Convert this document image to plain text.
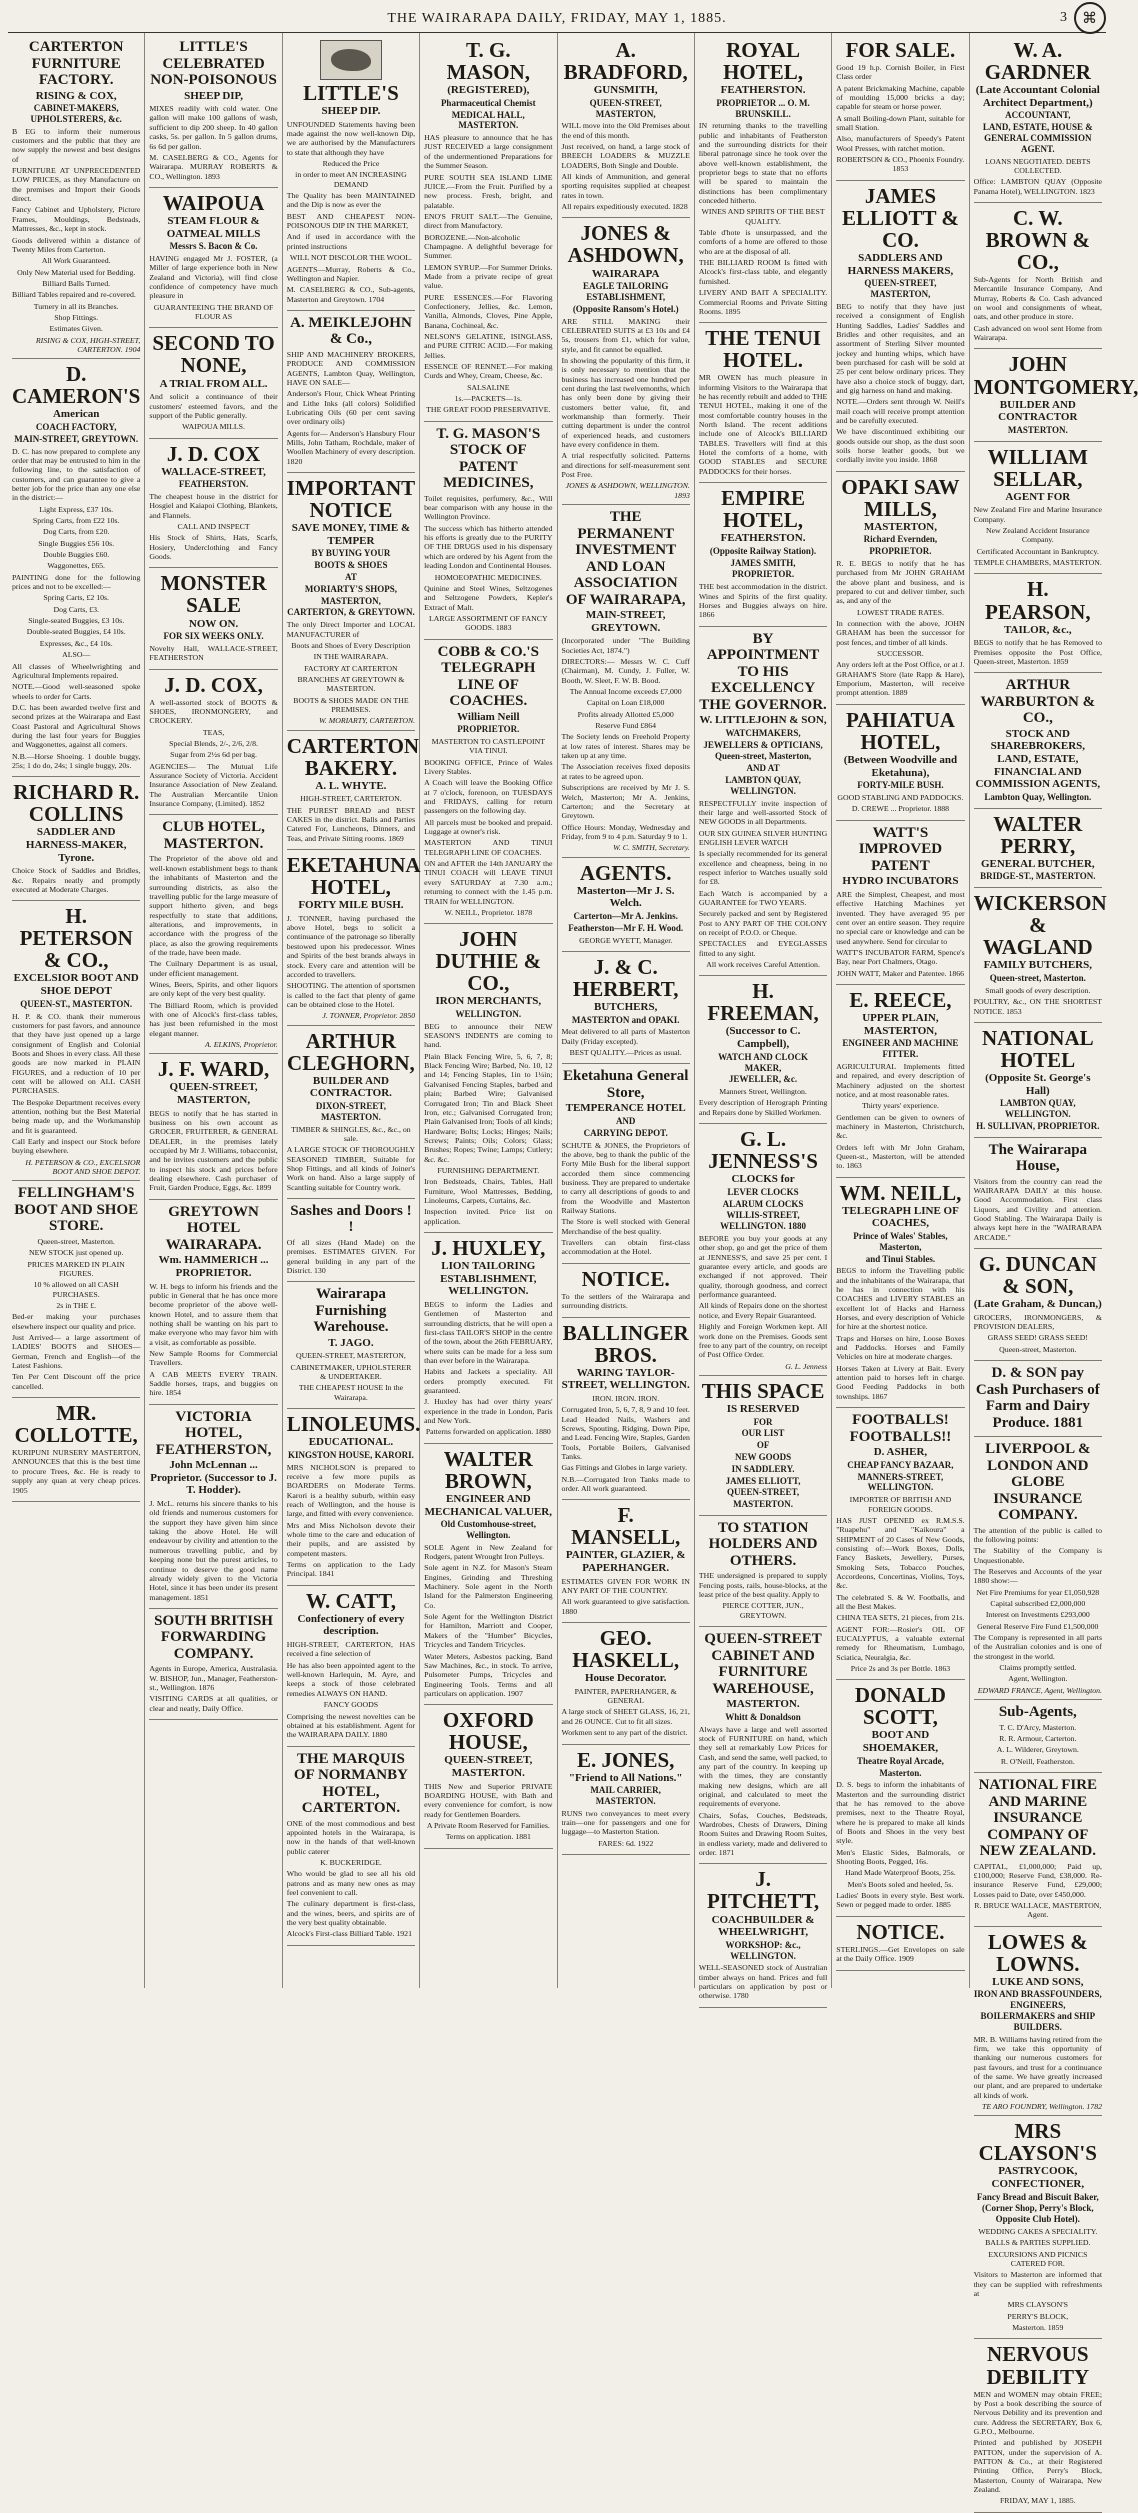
THE WAIRARAPA DAILY, FRIDAY, MAY 1, 1885.	3 ⌘
CARTERTON FURNITURE FACTORY.
RISING & COX,
CABINET-MAKERS, UPHOLSTERERS, &c.
B EG to inform their numerous customers and the public that they are now supply the newest and best designs of
FURNITURE AT UNPRECEDENTED LOW PRICES, as they Manufacture on the premises and Import their Goods direct.
Fancy Cabinet and Upholstery, Picture Frames, Mouldings, Bedsteads, Mattresses, &c., kept in stock.
Goods delivered within a distance of Twenty Miles from Carterton.
All Work Guaranteed.
Only New Material used for Bedding.
Billiard Balls Turned.
Billiard Tables repaired and re-covered.
Turnery in all its Branches.
Shop Fittings.
Estimates Given.
RISING & COX, HIGH-STREET, CARTERTON. 1904
D. CAMERON'S
American
COACH FACTORY,
MAIN-STREET, GREYTOWN.
D. C. has now prepared to complete any order that may be entrusted to him in the following line, to the satisfaction of customers, and can guarantee to give a better job for the price than any one else in the district:—
Light Express, £37 10s.
Spring Carts, from £22 10s.
Dog Carts, from £20.
Single Buggies £56 10s.
Double Buggies £60.
Waggonettes, £65.
PAINTING done for the following prices and not to be excelled:—
Spring Carts, £2 10s.
Dog Carts, £3.
Single-seated Buggies, £3 10s.
Double-seated Buggies, £4 10s.
Expresses, &c., £4 10s.
ALSO—
All classes of Wheelwrighting and Agricultural Implements repaired.
NOTE.—Good well-seasoned spoke wheels to order for Carts.
D.C. has been awarded twelve first and second prizes at the Wairarapa and East Coast Pastoral and Agricultural Shows during the last four years for Buggies and Waggonettes, against all comers.
N.B.—Horse Shoeing. 1 double buggy, 25s; 1 do do, 24s; 1 single buggy, 20s.
RICHARD R. COLLINS
SADDLER AND HARNESS-MAKER, Tyrone.
Choice Stock of Saddles and Bridles, &c. Repairs neatly and promptly executed at Moderate Charges.
H. PETERSON & CO.,
EXCELSIOR BOOT AND SHOE DEPOT
QUEEN-ST., MASTERTON.
H. P. & CO. thank their numerous customers for past favors, and announce that they have just opened up a large consignment of English and Colonial Boots and Shoes in every class. All these goods are now marked in PLAIN FIGURES, and a reduction of 10 per cent will be allowed on ALL CASH PURCHASES.
The Bespoke Department receives every attention, nothing but the Best Material being made up, and the Workmanship and fit is guaranteed.
Call Early and inspect our Stock before buying elsewhere.
H. PETERSON & CO., EXCELSIOR BOOT AND SHOE DEPOT.
FELLINGHAM'S BOOT AND SHOE STORE.
Queen-street, Masterton.
NEW STOCK just opened up.
PRICES MARKED IN PLAIN FIGURES.
10 % allowed on all CASH PURCHASES.
2s in THE £.
Bed-er making your purchases elsewhere inspect our quality and price.
Just Arrived— a large assortment of LADIES' BOOTS and SHOES—German, French and English—of the Latest Fashions.
Ten Per Cent Discount off the price cancelled.
MR. COLLOTTE,
KURIPUNI NURSERY MASTERTON, ANNOUNCES that this is the best time to procure Trees, &c. He is ready to supply any quan at very cheap prices. 1905
LITTLE'S CELEBRATED NON-POISONOUS
SHEEP DIP,
MIXES readily with cold water. One gallon will make 100 gallons of wash, sufficient to dip 200 sheep. In 40 gallon casks, 5s. per gallon. In 5 gallon drums, 6s 6d per gallon.
M. CASELBERG & CO., Agents for Wairarapa. MURRAY ROBERTS & CO., Wellington. 1893
WAIPOUA
STEAM FLOUR & OATMEAL MILLS
Messrs S. Bacon & Co.
HAVING engaged Mr J. FOSTER, (a Miller of large experience both in New Zealand and Victoria), will find close confidence of competency have much pleasure in
GUARANTEEING THE BRAND OF FLOUR AS
SECOND TO NONE,
A TRIAL FROM ALL.
And solicit a continuance of their customers' esteemed favors, and the support of the Public generally.
WAIPOUA MILLS.
J. D. COX
WALLACE-STREET,
FEATHERSTON.
The cheapest house in the district for Hosgiel and Kaiapoi Clothing, Blankets, and Flannels.
CALL AND INSPECT
His Stock of Shirts, Hats, Scarfs, Hosiery, Underclothing and Fancy Goods.
MONSTER SALE
NOW ON.
FOR SIX WEEKS ONLY.
Novelty Hall, WALLACE-STREET, FEATHERSTON
J. D. COX,
A well-assorted stock of BOOTS & SHOES, IRONMONGERY, and CROCKERY.
TEAS,
Special Blends, 2/-, 2/6, 2/8.
Sugar from 2½s 6d per bag.
AGENCIES— The Mutual Life Assurance Society of Victoria. Accident Insurance Association of New Zealand. The Australian Mercantile Union Insurance Company, (Limited). 1852
CLUB HOTEL, MASTERTON.
The Proprietor of the above old and well-known establishment begs to thank the inhabitants of Masterton and the surrounding districts, as also the travelling public for the large measure of support hitherto given, and begs respectfully to state that additions, alterations, and improvements, in accordance with the progress of the place, as also the growing requirements of the trade, have been made.
The Cuilnary Department is as usual, under efficient management.
Wines, Beers, Spirits, and other liquors are only kept of the very best quality.
The Billiard Room, which is provided with one of Alcock's first-class tables, has just been refurnished in the most elegant manner.
A. ELKINS, Proprietor.
J. F. WARD,
QUEEN-STREET, MASTERTON,
BEGS to notify that he has started in business on his own account as GROCER, FRUITERER, & GENERAL DEALER, in the premises lately occupied by Mr J. Williams, tobacconist, and he invites customers and the public to inspect his stock and prices before dealing elsewhere. Cash purchaser of Fruit, Garden Produce, Eggs, &c. 1899
GREYTOWN HOTEL WAIRARAPA.
Wm. HAMMERICH ... PROPRIETOR.
W. H. begs to inform his friends and the public in General that he has once more become proprietor of the above well-known Hotel, and to assure them that nothing shall be wanting on his part to make everyone who may favor him with a visit, as comfortable as possible.
New Sample Rooms for Commercial Travellers.
A CAB MEETS EVERY TRAIN. Saddle horses, traps, and buggies on hire. 1854
VICTORIA HOTEL, FEATHERSTON,
John McLennan ... Proprietor. (Successor to J. T. Hodder).
J. McL. returns his sincere thanks to his old friends and numerous customers for the support they have given him since taking the above Hotel. He will endeavour by civility and attention to the numerous travelling public, and by keeping none but the purest articles, to continue to deserve the good name already widely given to the Victoria Hotel, since it has been under its present management. 1851
SOUTH BRITISH FORWARDING COMPANY.
Agents in Europe, America, Australasia. W. BISHOP, Jun., Manager, Featherston-st., Wellington. 1876
VISITING CARDS at all qualities, or clear and neatly, Daily Office.
LITTLE'S
SHEEP DIP.
UNFOUNDED Statements having been made against the now well-known Dip, we are authorised by the Manufacturers to state that although they have
Reduced the Price
in order to meet AN INCREASING DEMAND
The Quality has been MAINTAINED and the Dip is now as ever the
BEST AND CHEAPEST NON-POISONOUS DIP IN THE MARKET,
And if used in accordance with the printed instructions
WILL NOT DISCOLOR THE WOOL.
AGENTS—Murray, Roberts & Co., Wellington and Napier.
M. CASELBERG & CO., Sub-agents, Masterton and Greytown. 1704
A. MEIKLEJOHN & Co.,
SHIP AND MACHINERY BROKERS, PRODUCE AND COMMISSION AGENTS, Lambton Quay, Wellington, HAVE ON SALE—
Anderson's Flour, Chick Wheat Printing and Lithe Inks (all colors) Solidified Lubricating Oils (60 per cent saving over ordinary oils)
Agents for— Anderson's Hansbury Flour Mills, John Tatham, Rochdale, maker of Woollen Machinery of every description. 1820
IMPORTANT NOTICE
SAVE MONEY, TIME & TEMPER
BY BUYING YOUR
BOOTS & SHOES
AT
MORIARTY'S SHOPS,
MASTERTON,
CARTERTON, & GREYTOWN.
The only Direct Importer and LOCAL MANUFACTURER of
Boots and Shoes of Every Description
IN THE WAIRARAPA.
FACTORY AT CARTERTON
BRANCHES AT GREYTOWN & MASTERTON.
BOOTS & SHOES MADE ON THE PREMISES.
W. MORIARTY, CARTERTON.
CARTERTON BAKERY.
A. L. WHYTE.
HIGH-STREET, CARTERTON.
THE PUREST BREAD and BEST CAKES in the district. Balls and Parties Catered For, Luncheons, Dinners, and Teas, and Private Sitting rooms. 1869
EKETAHUNA HOTEL,
FORTY MILE BUSH.
J. TONNER, having purchased the above Hotel, begs to solicit a continuance of the patronage so liberally bestowed upon his predecessor. Wines and Spirits of the best brands always in stock. Every care and attention will be accorded to travellers.
SHOOTING. The attention of sportsmen is called to the fact that plenty of game can be obtained close to the Hotel.
J. TONNER, Proprietor. 2850
ARTHUR CLEGHORN,
BUILDER AND CONTRACTOR.
DIXON-STREET, MASTERTON.
TIMBER & SHINGLES, &c., &c., on sale.
A LARGE STOCK OF THOROUGHLY SEASONED TIMBER, Suitable for Shop Fittings, and all kinds of Joiner's Work on hand. Also a large supply of Scantling suitable for Country work.
Sashes and Doors ! !
Of all sizes (Hand Made) on the premises. ESTIMATES GIVEN. For general building in any part of the District. 130
Wairarapa Furnishing Warehouse.
T. JAGO.
QUEEN-STREET, MASTERTON,
CABINETMAKER, UPHOLSTERER & UNDERTAKER.
THE CHEAPEST HOUSE In the Wairarapa.
LINOLEUMS.
EDUCATIONAL.
KINGSTON HOUSE, KARORI.
MRS NICHOLSON is prepared to receive a few more pupils as BOARDERS on Moderate Terms. Karori is a healthy suburb, within easy reach of Wellington, and the house is large, and fitted with every convenience.
Mrs and Miss Nicholson devote their whole time to the care and education of their pupils, and are assisted by competent masters.
Terms on application to the Lady Principal. 1841
W. CATT,
Confectionery of every description.
HIGH-STREET, CARTERTON, HAS received a fine selection of
He has also been appointed agent to the well-known Harlequin, M. Ayre, and keeps a stock of those celebrated remedies ALWAYS ON HAND.
FANCY GOODS
Comprising the newest novelties can be obtained at his establishment. Agent for the WAIRARAPA DAILY. 1880
THE MARQUIS OF NORMANBY HOTEL, CARTERTON.
ONE of the most commodious and best appointed hotels in the Wairarapa, is now in the hands of that well-known public caterer
K. BUCKERIDGE.
Who would be glad to see all his old patrons and as many new ones as may feel convenient to call.
The culinary department is first-class, and the wines, beers, and spirits are of the very best quality obtainable.
Alcock's First-class Billiard Table. 1921
T. G. MASON,
(REGISTERED),
Pharmaceutical Chemist
MEDICAL HALL, MASTERTON.
HAS pleasure to announce that he has JUST RECEIVED a large consignment of the undermentioned Preparations for the Summer Season.
PURE SOUTH SEA ISLAND LIME JUICE.—From the Fruit. Purified by a new process. Fresh, bright, and palatable.
ENO'S FRUIT SALT.—The Genuine, direct from Manufactory.
BOROZENE.—Non-alcoholic Champagne. A delightful beverage for Summer.
LEMON SYRUP.—For Summer Drinks. Made from a private recipe of great value.
PURE ESSENCES.—For Flavoring Confectionery, Jellies, &c. Lemon, Vanilla, Almonds, Cloves, Pine Apple, Banana, Cochineal, &c.
NELSON'S GELATINE, ISINGLASS, and PURE CITRIC ACID.—For making Jellies.
ESSENCE OF RENNET.—For making Curds and Whey, Cream, Cheese, &c.
SALSALINE
1s.—PACKETS—1s.
THE GREAT FOOD PRESERVATIVE.
T. G. MASON'S STOCK OF PATENT MEDICINES,
Toilet requisites, perfumery, &c., Will bear comparison with any house in the Wellington Province.
The success which has hitherto attended his efforts is greatly due to the PURITY OF THE DRUGS used in his dispensary which are ordered by his Agent from the leading London and Continental Houses.
HOMOEOPATHIC MEDICINES.
Quinine and Steel Wines, Seltzogenes and Seltzogene Powders, Kepler's Extract of Malt.
LARGE ASSORTMENT OF FANCY GOODS. 1883
COBB & CO.'S TELEGRAPH LINE OF COACHES.
William Neill
PROPRIETOR.
MASTERTON TO CASTLEPOINT VIA TINUI.
BOOKING OFFICE, Prince of Wales Livery Stables.
A Coach will leave the Booking Office at 7 o'clock, forenoon, on TUESDAYS and FRIDAYS, calling for return passengers on the following day.
All parcels must be booked and prepaid. Luggage at owner's risk.
MASTERTON AND TINUI TELEGRAPH LINE OF COACHES.
ON and AFTER the 14th JANUARY the TINUI COACH will LEAVE TINUI every SATURDAY at 7.30 a.m.; returning to connect with the 1.45 p.m. TRAIN for WELLINGTON.
W. NEILL, Proprietor. 1878
JOHN DUTHIE & CO.,
IRON MERCHANTS,
WELLINGTON.
BEG to announce their NEW SEASON'S INDENTS are coming to hand.
Plain Black Fencing Wire, 5, 6, 7, 8; Black Fencing Wire; Barbed, No. 10, 12 and 14; Fencing Staples, 1in to 1¼in; Galvanised Fencing Staples, barbed and plain; Barbed Wire; Galvanised Corrugated Iron; Tin and Black Sheet Iron, etc.; Galvanised Corrugated Iron; Plain Galvanised Iron; Tools of all kinds; Hardware; Bolts; Locks; Hinges; Nails; Screws; Paints; Oils; Colors; Glass; Brushes; Ropes; Twine; Lamps; Cutlery; &c. &c.
FURNISHING DEPARTMENT.
Iron Bedsteads, Chairs, Tables, Hall Furniture, Wool Mattresses, Bedding, Linoleums, Carpets, Curtains, &c.
Inspection invited. Price list on application.
J. HUXLEY,
LION TAILORING ESTABLISHMENT, WELLINGTON.
BEGS to inform the Ladies and Gentlemen of Masterton and surrounding districts, that he will open a first-class TAILOR'S SHOP in the centre of the town, about the 26th FEBRUARY, where suits can be made for a less sum than ever before in the Wairarapa.
Habits and Jackets a speciality. All orders promptly executed. Fit guaranteed.
J. Huxley has had over thirty years' experience in the trade in London, Paris and New York.
Patterns forwarded on application. 1880
WALTER BROWN,
ENGINEER AND MECHANICAL VALUER,
Old Customhouse-street, Wellington.
SOLE Agent in New Zealand for Rodgers, patent Wrought Iron Pulleys.
Sole agent in N.Z. for Mason's Steam Engines, Grinding and Threshing Machinery. Sole agent in the North Island for the Palmerston Engineering Co.
Sole Agent for the Wellington District for Hamilton, Marriott and Cooper, Makers of the "Humber" Bicycles, Tricycles and Tandem Tricycles.
Water Meters, Asbestos packing, Band Saw Machines, &c., in stock. To arrive, Pulsometer Pumps, Tricycles and Engineering Tools. Terms and all particulars on application. 1907
OXFORD HOUSE,
QUEEN-STREET, MASTERTON.
THIS New and Superior PRIVATE BOARDING HOUSE, with Bath and every convenience for comfort, is now ready for Gentlemen Boarders.
A Private Room Reserved for Families.
Terms on application. 1881
A. BRADFORD,
GUNSMITH,
QUEEN-STREET, MASTERTON,
WILL move into the Old Premises about the end of this month.
Just received, on hand, a large stock of BREECH LOADERS & MUZZLE LOADERS, Both Single and Double.
All kinds of Ammunition, and general sporting requisites supplied at cheapest rates in town.
All repairs expeditiously executed. 1828
JONES & ASHDOWN,
WAIRARAPA
EAGLE TAILORING ESTABLISHMENT,
(Opposite Ransom's Hotel.)
ARE STILL MAKING their CELEBRATED SUITS at £3 10s and £4 5s, trousers from £1, which for value, style, and fit cannot be equalled.
In showing the popularity of this firm, it is only necessary to mention that the business has increased one hundred per cent during the last twelvemonths, which has only been done by giving their customers better value, fit, and workmanship than formerly. Their cutting department is under the control of experienced heads, and customers have every confidence in them.
A trial respectfully solicited. Patterns and directions for self-measurement sent Post Free.
JONES & ASHDOWN, WELLINGTON. 1893
THE PERMANENT INVESTMENT AND LOAN ASSOCIATION OF WAIRARAPA,
MAIN-STREET, GREYTOWN.
(Incorporated under "The Building Societies Act, 1874.")
DIRECTORS:— Messrs W. C. Cuff (Chairman), M. Cundy, J. Fuller, W. Booth, W. Sleet, F. W. B. Bood.
The Annual Income exceeds £7,000
Capital on Loan £18,000
Profits already Allotted £5,000
Reserve Fund £864
The Society lends on Freehold Property at low rates of interest. Shares may be taken up at any time.
The Association receives fixed deposits at rates to be agreed upon.
Subscriptions are received by Mr J. S. Welch, Masterton; Mr A. Jenkins, Carterton; and the Secretary at Greytown.
Office Hours: Monday, Wednesday and Friday, from 9 to 4 p.m. Saturday 9 to 1.
W. C. SMITH, Secretary.
AGENTS.
Masterton—Mr J. S. Welch.
Carterton—Mr A. Jenkins.
Featherston—Mr F. H. Wood.
GEORGE WYETT, Manager.
J. & C. HERBERT,
BUTCHERS,
MASTERTON and OPAKI.
Meat delivered to all parts of Masterton Daily (Friday excepted).
BEST QUALITY.—Prices as usual.
Eketahuna General Store,
TEMPERANCE HOTEL
AND
CARRYING DEPOT.
SCHUTE & JONES, the Proprietors of the above, beg to thank the public of the Forty Mile Bush for the liberal support accorded them since commencing business. They are prepared to undertake to carry all descriptions of goods to and from the Woodville and Masterton Railway Stations.
The Store is well stocked with General Merchandise of the best quality.
Travellers can obtain first-class accommodation at the Hotel.
NOTICE.
To the settlers of the Wairarapa and surrounding districts.
BALLINGER BROS.
WARING TAYLOR-STREET, WELLINGTON.
IRON. IRON. IRON.
Corrugated Iron, 5, 6, 7, 8, 9 and 10 feet. Lead Headed Nails, Washers and Screws, Spouting, Ridging, Down Pipe, and Lead. Fencing Wire, Staples, Garden Tools, Portable Boilers, Galvanised Tanks.
Gas Fittings and Globes in large variety.
N.B.—Corrugated Iron Tanks made to order. All work guaranteed.
F. MANSELL,
PAINTER, GLAZIER, & PAPERHANGER.
ESTIMATES GIVEN FOR WORK IN ANY PART OF THE COUNTRY.
All work guaranteed to give satisfaction. 1880
GEO. HASKELL,
House Decorator.
PAINTER, PAPERHANGER, & GENERAL
A large stock of SHEET GLASS, 16, 21, and 26 OUNCE. Cut to fit all sizes.
Workmen sent to any part of the district.
E. JONES,
"Friend to All Nations."
MAIL CARRIER, MASTERTON.
RUNS two conveyances to meet every train—one for passengers and one for luggage—to Masterton Station.
FARES: 6d. 1922
ROYAL HOTEL,
FEATHERSTON.
PROPRIETOR ... O. M. BRUNSKILL.
IN returning thanks to the travelling public and inhabitants of Featherston and the surrounding districts for their liberal patronage since he took over the above well-known establishment, the proprietor begs to state that no efforts will be spared to maintain the distinctions has been complimentary conceded hitherto.
WINES AND SPIRITS OF THE BEST QUALITY.
Table d'hote is unsurpassed, and the comforts of a home are offered to those who are at the disposal of all.
THE BILLIARD ROOM Is fitted with Alcock's first-class table, and elegantly furnished.
LIVERY AND BAIT A SPECIALITY. Commercial Rooms and Private Sitting Rooms. 1895
THE TENUI HOTEL.
MR OWEN has much pleasure in informing Visitors to the Wairarapa that he has recently rebuilt and added to THE TENUI HOTEL, making it one of the most comfortable country houses in the North Island. The recent additions include one of Alcock's BILLIARD TABLES. Travellers will find at this Hotel the comforts of a home, with GOOD STABLES and SECURE PADDOCKS for their horses.
EMPIRE HOTEL,
FEATHERSTON.
(Opposite Railway Station).
JAMES SMITH,
PROPRIETOR.
THE best accommodation in the district. Wines and Spirits of the first quality. Horses and Buggies always on hire. 1866
BY APPOINTMENT TO HIS EXCELLENCY THE GOVERNOR.
W. LITTLEJOHN & SON,
WATCHMAKERS,
JEWELLERS & OPTICIANS,
Queen-street, Masterton,
AND AT
LAMBTON QUAY, WELLINGTON.
RESPECTFULLY invite inspection of their large and well-assorted Stock of NEW GOODS in all Departments.
OUR SIX GUINEA SILVER HUNTING ENGLISH LEVER WATCH
Is specially recommended for its general excellence and cheapness, being in no respect inferior to Watches usually sold for £8.
Each Watch is accompanied by a GUARANTEE for TWO YEARS.
Securely packed and sent by Registered Post to ANY PART OF THE COLONY on receipt of P.O.O. or Cheque.
SPECTACLES and EYEGLASSES fitted to any sight.
All work receives Careful Attention.
H. FREEMAN,
(Successor to C. Campbell),
WATCH AND CLOCK MAKER,
JEWELLER, &c.
Manners Street, Wellington.
Every description of Herograph Printing and Repairs done by Skilled Workmen.
G. L. JENNESS'S
CLOCKS for
LEVER CLOCKS
ALARUM CLOCKS
WILLIS-STREET, WELLINGTON. 1880
BEFORE you buy your goods at any other shop, go and get the price of them at JENNESS'S, and save 25 per cent. I guarantee every article, and goods are exchanged if not approved. Their quality, thorough goodness, and correct performance guaranteed.
All kinds of Repairs done on the shortest notice, and Every Repair Guaranteed.
Highly and Foreign Workmen kept. All work done on the Premises. Goods sent free to any part of the country, on receipt of Post Office Order.
G. L. Jenness
THIS SPACE
IS RESERVED
FOR
OUR LIST
OF
NEW GOODS
IN SADDLERY.
JAMES ELLIOTT,
QUEEN-STREET,
MASTERTON.
TO STATION HOLDERS AND OTHERS.
THE undersigned is prepared to supply Fencing posts, rails, house-blocks, at the least price of the best quality. Apply to
PIERCE COTTER, JUN., GREYTOWN.
QUEEN-STREET CABINET AND FURNITURE WAREHOUSE,
MASTERTON.
Whitt & Donaldson
Always have a large and well assorted stock of FURNITURE on hand, which they sell at remarkably Low Prices for Cash, and send the same, well packed, to any part of the country. In keeping up with the times, they are constantly making new designs, which are all original, and calculated to meet the requirements of everyone.
Chairs, Sofas, Couches, Bedsteads, Wardrobes, Chests of Drawers, Dining Room Suites and Drawing Room Suites, in endless variety, made and delivered to order. 1871
J. PITCHETT,
COACHBUILDER & WHEELWRIGHT,
WORKSHOP: &c., WELLINGTON.
WELL-SEASONED stock of Australian timber always on hand. Prices and full particulars on application by post or otherwise. 1780
FOR SALE.
Good 19 h.p. Cornish Boiler, in First Class order
A patent Brickmaking Machine, capable of moulding 15,000 bricks a day; capable for steam or horse power.
A small Boiling-down Plant, suitable for small Station.
Also, manufacturers of Speedy's Patent Wool Presses, with ratchet motion.
ROBERTSON & CO., Phoenix Foundry. 1853
JAMES ELLIOTT & CO.
SADDLERS AND HARNESS MAKERS,
QUEEN-STREET, MASTERTON,
BEG to notify that they have just received a consignment of English Hunting Saddles, Ladies' Saddles and Bridles and other requisites, and an assortment of Sterling Silver mounted jockey and hunting whips, which have been purchased for cash will be sold at 25 per cent below ordinary prices. They have also a choice stock of buggy, dart, and gig harness on hand and making.
NOTE.—Orders sent through W. Neill's mail coach will receive prompt attention and be carefully executed.
We have discontinued exhibiting our goods outside our shop, as the dust soon soils horse leather goods, but we cordially invite you inside. 1868
OPAKI SAW MILLS,
MASTERTON,
Richard Evernden,
PROPRIETOR.
R. E. BEGS to notify that he has purchased from Mr JOHN GRAHAM the above plant and business, and is prepared to cut and deliver timber, such as, and any of the
LOWEST TRADE RATES.
In connection with the above, JOHN GRAHAM has been the successor for post fences, and timber of all kinds.
SUCCESSOR.
Any orders left at the Post Office, or at J. GRAHAM'S Store (late Rapp & Hare), Emporium, Masterton, will receive prompt attention. 1889
PAHIATUA HOTEL,
(Between Woodville and Eketahuna),
FORTY-MILE BUSH.
GOOD STABLING AND PADDOCKS.
D. CREWE ... Proprietor. 1888
WATT'S IMPROVED PATENT
HYDRO INCUBATORS
ARE the Simplest, Cheapest, and most effective Hatching Machines yet invented. They have averaged 95 per cent over an entire season. They require no special care or knowledge and can be used anywhere. Send for circular to
WATT'S INCUBATOR FARM, Spence's Bay, near Port Chalmers, Otago.
JOHN WATT, Maker and Patentee. 1866
E. REECE,
UPPER PLAIN, MASTERTON,
ENGINEER AND MACHINE FITTER.
AGRICULTURAL Implements fitted and repaired, and every description of Machinery adjusted on the shortest notice, and at most reasonable rates.
Thirty years' experience.
Gentlemen can be given to owners of machinery in Masterton, Christchurch, &c.
Orders left with Mr John Graham, Queen-st., Masterton, will be attended to. 1863
WM. NEILL,
TELEGRAPH LINE OF COACHES,
Prince of Wales' Stables, Masterton,
and Tinui Stables.
BEGS to inform the Travelling public and the inhabitants of the Wairarapa, that he has in connection with his COACHES and LIVERY STABLES an excellent lot of Hacks and Harness Horses, and every description of Vehicle for hire at the shortest notice.
Traps and Horses on hire, Loose Boxes and Paddocks. Horses and Family Vehicles on hire at moderate charges.
Horses Taken at Livery at Bait. Every attention paid to horses left in charge. Good Feeding Paddocks in both townships. 1867
FOOTBALLS! FOOTBALLS!!
D. ASHER,
CHEAP FANCY BAZAAR,
MANNERS-STREET, WELLINGTON.
IMPORTER OF BRITISH AND FOREIGN GOODS.
HAS JUST OPENED ex R.M.S.S. "Ruapehu" and "Kaikoura" a SHIPMENT of 20 Cases of New Goods, consisting of:—Work Boxes, Dolls, Fancy Baskets, Jewellery, Purses, Smoking Sets, Tobacco Pouches, Accordeons, Concertinas, Violins, Toys, &c.
The celebrated S. & W. Footballs, and all the Best Makes.
CHINA TEA SETS, 21 pieces, from 21s.
AGENT FOR:—Rosier's OIL OF EUCALYPTUS, a valuable external remedy for Rheumatism, Lumbago, Sciatica, Neuralgia, &c.
Price 2s and 3s per Bottle. 1863
DONALD SCOTT,
BOOT AND SHOEMAKER,
Theatre Royal Arcade,
Masterton.
D. S. begs to inform the inhabitants of Masterton and the surrounding district that he has removed to the above premises, next to the Theatre Royal, where he is prepared to make all kinds of Boots and Shoes in the very best style.
Men's Elastic Sides, Balmorals, or Shooting Boots, Pegged, 16s.
Hand Made Waterproof Boots, 25s.
Men's Boots soled and heeled, 5s.
Ladies' Boots in every style. Best work. Sewn or pegged made to order. 1885
NOTICE.
STERLINGS.—Get Envelopes on sale at the Daily Office. 1909
W. A. GARDNER
(Late Accountant Colonial Architect Department,)
ACCOUNTANT,
LAND, ESTATE, HOUSE & GENERAL COMMISSION AGENT.
LOANS NEGOTIATED. DEBTS COLLECTED.
Office: LAMBTON QUAY (Opposite Panama Hotel), WELLINGTON. 1823
C. W. BROWN & CO.,
Sub-Agents for North British and Mercantile Insurance Company, And Murray, Roberts & Co. Cash advanced on wool and consignments of wheat, oats, and other produce in store.
Cash advanced on wool sent Home from Wairarapa.
JOHN MONTGOMERY,
BUILDER AND CONTRACTOR
MASTERTON.
WILLIAM SELLAR,
AGENT FOR
New Zealand Fire and Marine Insurance Company.
New Zealand Accident Insurance Company.
Certificated Accountant in Bankruptcy.
TEMPLE CHAMBERS, MASTERTON.
H. PEARSON,
TAILOR, &c.,
BEGS to notify that he has Removed to Premises opposite the Post Office, Queen-street, Masterton. 1859
ARTHUR WARBURTON & CO.,
STOCK AND SHAREBROKERS, LAND, ESTATE, FINANCIAL AND COMMISSION AGENTS,
Lambton Quay, Wellington.
WALTER PERRY,
GENERAL BUTCHER,
BRIDGE-ST., MASTERTON.
WICKERSON & WAGLAND
FAMILY BUTCHERS,
Queen-street, Masterton.
Small goods of every description.
POULTRY, &c., ON THE SHORTEST NOTICE. 1853
NATIONAL HOTEL
(Opposite St. George's Hall)
LAMBTON QUAY, WELLINGTON.
H. SULLIVAN, PROPRIETOR.
The Wairarapa House,
Visitors from the country can read the WAIRARAPA DAILY at this house. Good Accommodation. First class Liquors, and Civility and attention. Good Stabling. The Wairarapa Daily is always kept here in the "WAIRARAPA ARCADE."
G. DUNCAN & SON,
(Late Graham, & Duncan,)
GROCERS, IRONMONGERS, & PROVISION DEALERS,
GRASS SEED! GRASS SEED!
Queen-street, Masterton.
D. & SON pay Cash Purchasers of Farm and Dairy Produce. 1881
LIVERPOOL & LONDON AND GLOBE INSURANCE COMPANY.
The attention of the public is called to the following points:
The Stability of the Company is Unquestionable.
The Reserves and Accounts of the year 1880 show:—
Net Fire Premiums for year £1,050,928
Capital subscribed £2,000,000
Interest on Investments £293,000
General Reserve Fire Fund £1,500,000
The Company is represented in all parts of the Australian colonies and is one of the strongest in the world.
Claims promptly settled.
Agent, Wellington.
EDWARD FRANCE, Agent, Wellington.
Sub-Agents,
T. C. D'Arcy, Masterton.
R. R. Armour, Carterton.
A. L. Wilderer, Greytown.
R. O'Neill, Featherston.
NATIONAL FIRE AND MARINE INSURANCE COMPANY OF NEW ZEALAND.
CAPITAL, £1,000,000; Paid up, £100,000; Reserve Fund, £38,000. Re-insurance Reserve Fund, £29,000; Losses paid to Date, over £450,000.
R. BRUCE WALLACE, MASTERTON, Agent.
LOWES & LOWNS.
LUKE AND SONS,
IRON AND BRASSFOUNDERS, ENGINEERS, BOILERMAKERS and SHIP BUILDERS.
MR. B. Williams having retired from the firm, we take this opportunity of thanking our numerous customers for past favours, and trust for a continuance of the same. We have greatly increased our plant, and are prepared to undertake all kinds of work.
TE ARO FOUNDRY, Wellington. 1782
MRS CLAYSON'S
PASTRYCOOK, CONFECTIONER,
Fancy Bread and Biscuit Baker,
(Corner Shop, Perry's Block, Opposite Club Hotel).
WEDDING CAKES A SPECIALITY.
BALLS & PARTIES SUPPLIED.
EXCURSIONS AND PICNICS CATERED FOR.
Visitors to Masterton are informed that they can be supplied with refreshments at
MRS CLAYSON'S
PERRY'S BLOCK,
Masterton. 1859
NERVOUS DEBILITY
MEN and WOMEN may obtain FREE; by Post a book describing the source of Nervous Debility and its prevention and cure. Address the SECRETARY, Box 6, G.P.O., Melbourne.
Printed and published by JOSEPH PATTON, under the supervision of A. PATTON & Co., at their Registered Printing Office, Perry's Block, Masterton, County of Wairarapa, New Zealand.
FRIDAY, MAY 1, 1885.
